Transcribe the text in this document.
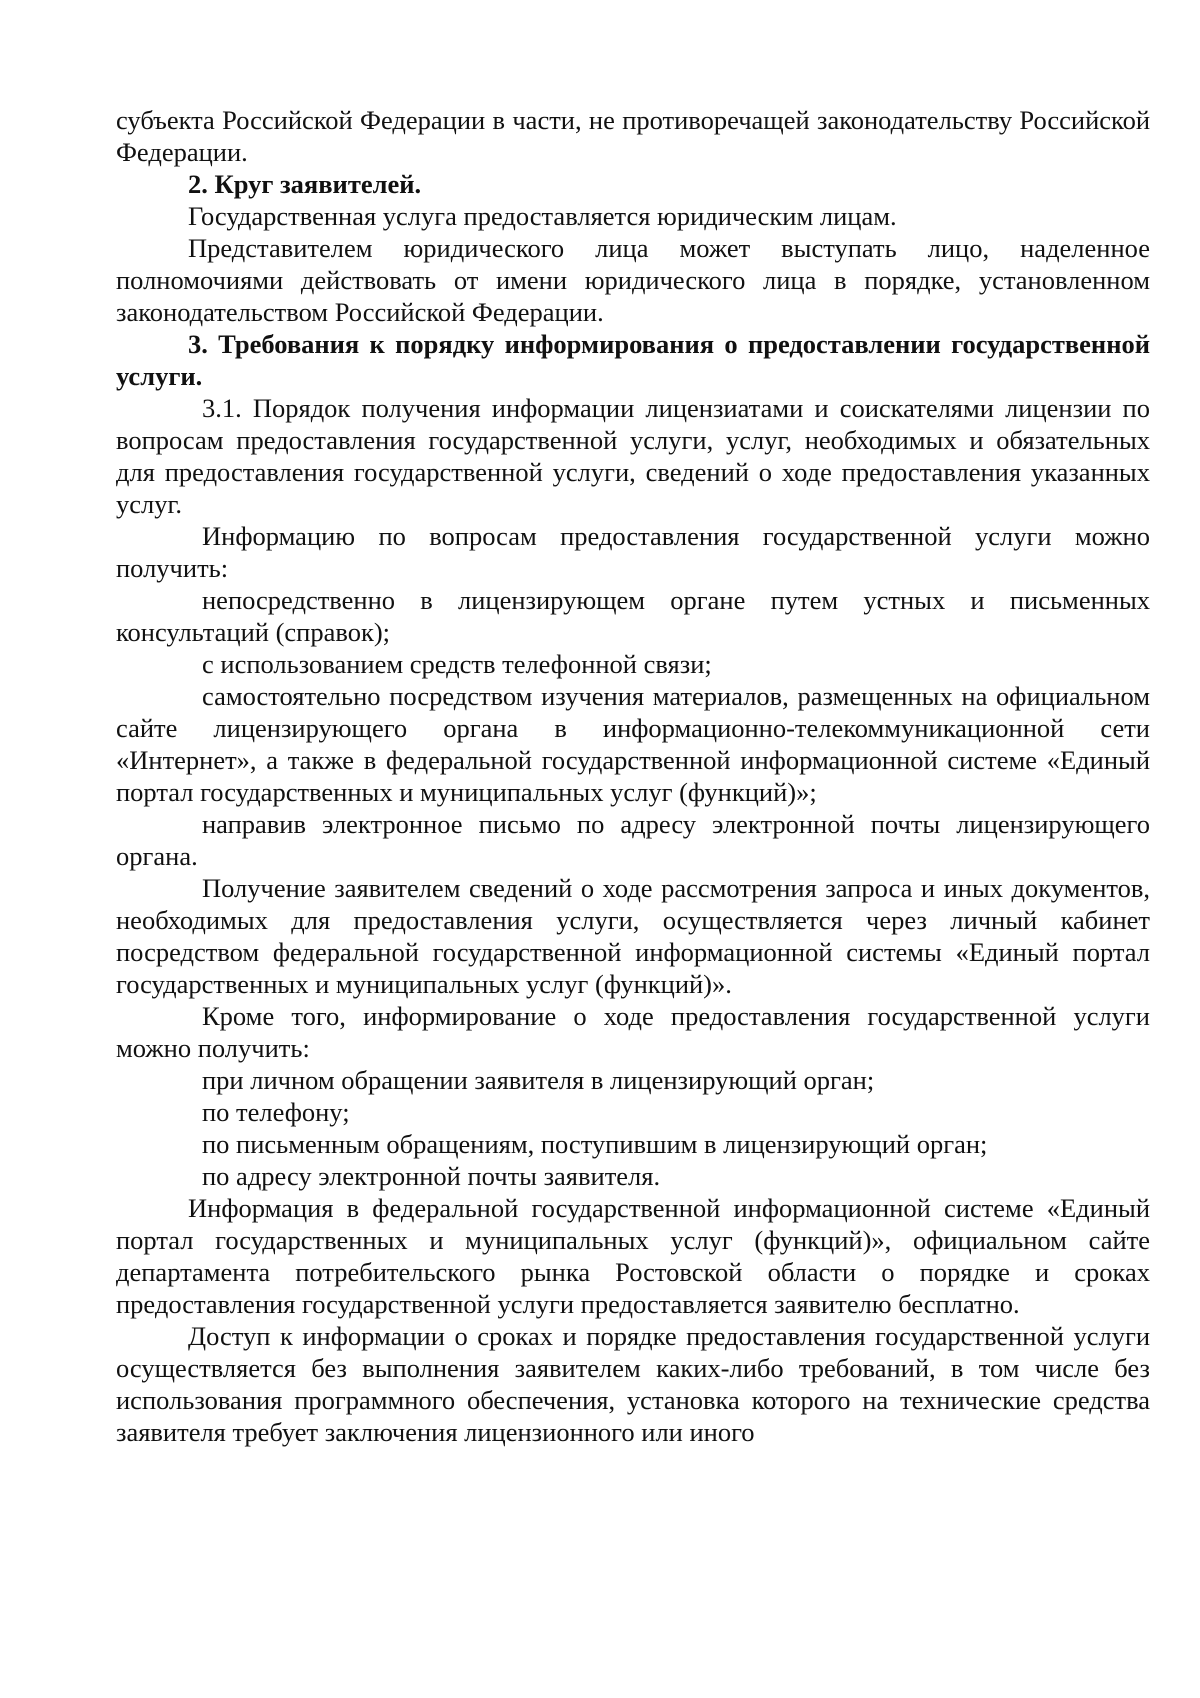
субъекта Российской Федерации в части, не противоречащей законодательству Российской Федерации.

2. Круг заявителей.

Государственная услуга предоставляется юридическим лицам.

Представителем юридического лица может выступать лицо, наделенное полномочиями действовать от имени юридического лица в порядке, установленном законодательством Российской Федерации.

3. Требования к порядку информирования о предоставлении государственной услуги.

3.1. Порядок получения информации лицензиатами и соискателями лицензии по вопросам предоставления государственной услуги, услуг, необходимых и обязательных для предоставления государственной услуги, сведений о ходе предоставления указанных услуг.

Информацию по вопросам предоставления государственной услуги можно получить:

непосредственно в лицензирующем органе путем устных и письменных консультаций (справок);

с использованием средств телефонной связи;

самостоятельно посредством изучения материалов, размещенных на официальном сайте лицензирующего органа в информационно-телекоммуникационной сети «Интернет», а также в федеральной государственной информационной системе «Единый портал государственных и муниципальных услуг (функций)»;

направив электронное письмо по адресу электронной почты лицензирующего органа.

Получение заявителем сведений о ходе рассмотрения запроса и иных документов, необходимых для предоставления услуги, осуществляется через личный кабинет посредством федеральной государственной информационной системы «Единый портал государственных и муниципальных услуг (функций)».

Кроме того, информирование о ходе предоставления государственной услуги можно получить:

при личном обращении заявителя в лицензирующий орган;

по телефону;

по письменным обращениям, поступившим в лицензирующий орган;

по адресу электронной почты заявителя.

Информация в федеральной государственной информационной системе «Единый портал государственных и муниципальных услуг (функций)», официальном сайте департамента потребительского рынка Ростовской области о порядке и сроках предоставления государственной услуги предоставляется заявителю бесплатно.

Доступ к информации о сроках и порядке предоставления государственной услуги осуществляется без выполнения заявителем каких-либо требований, в том числе без использования программного обеспечения, установка которого на технические средства заявителя требует заключения лицензионного или иного
